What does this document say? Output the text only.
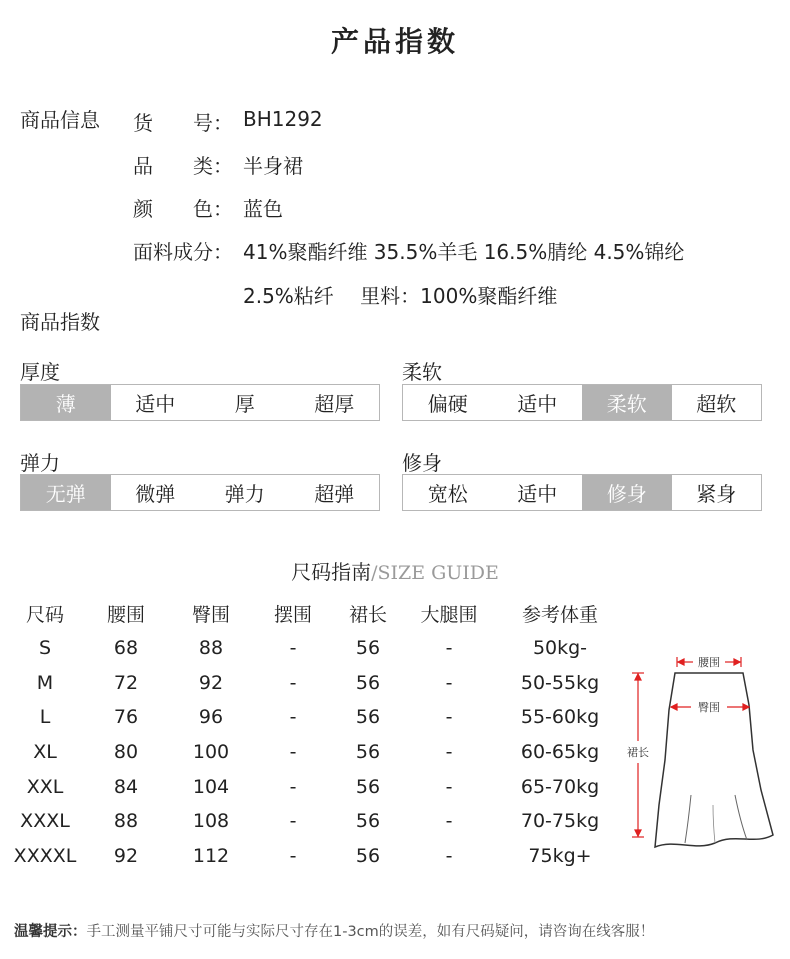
产品指数
商品信息 货　　号： BH1292
品　　类： 半身裙
颜　　色： 蓝色
面料成分： 41%聚酯纤维 35.5%羊毛 16.5%腈纶 4.5%锦纶
2.5%粘纤　 里料：100%聚酯纤维
商品指数
厚度
薄	适中	厚	超厚
柔软
偏硬	适中	柔软	超软
弹力
无弹	微弹	弹力	超弹
修身
宽松	适中	修身	紧身
尺码指南/SIZE GUIDE
尺码	腰围	臀围	摆围	裙长	大腿围	参考体重
S	68	88	-	56	-	50kg-
M	72	92	-	56	-	50-55kg
L	76	96	-	56	-	55-60kg
XL	80	100	-	56	-	60-65kg
XXL	84	104	-	56	-	65-70kg
XXXL	88	108	-	56	-	70-75kg
XXXXL	92	112	-	56	-	75kg+
腰围
臀围
裙长
温馨提示：手工测量平铺尺寸可能与实际尺寸存在1-3cm的误差，如有尺码疑问，请咨询在线客服！
